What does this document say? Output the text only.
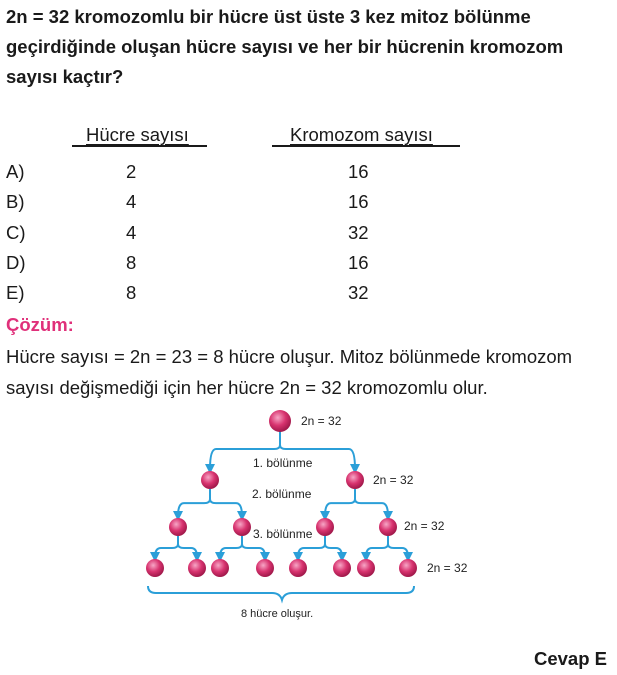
2n = 32 kromozomlu bir hücre üst üste 3 kez mitoz bölünme geçirdiğinde oluşan hücre sayısı ve her bir hücrenin kromozom sayısı kaçtır?
Hücre sayısı	Kromozom sayısı
A)	2	16
B)	4	16
C)	4	32
D)	8	16
E)	8	32
Çözüm:
Hücre sayısı = 2n = 23 = 8 hücre oluşur. Mitoz bölünmede kromozom sayısı değişmediği için her hücre 2n = 32 kromozomlu olur.
2n = 32
1. bölünme
2. bölünme
3. bölünme
2n = 32
2n = 32
2n = 32
8 hücre oluşur.
Cevap E
